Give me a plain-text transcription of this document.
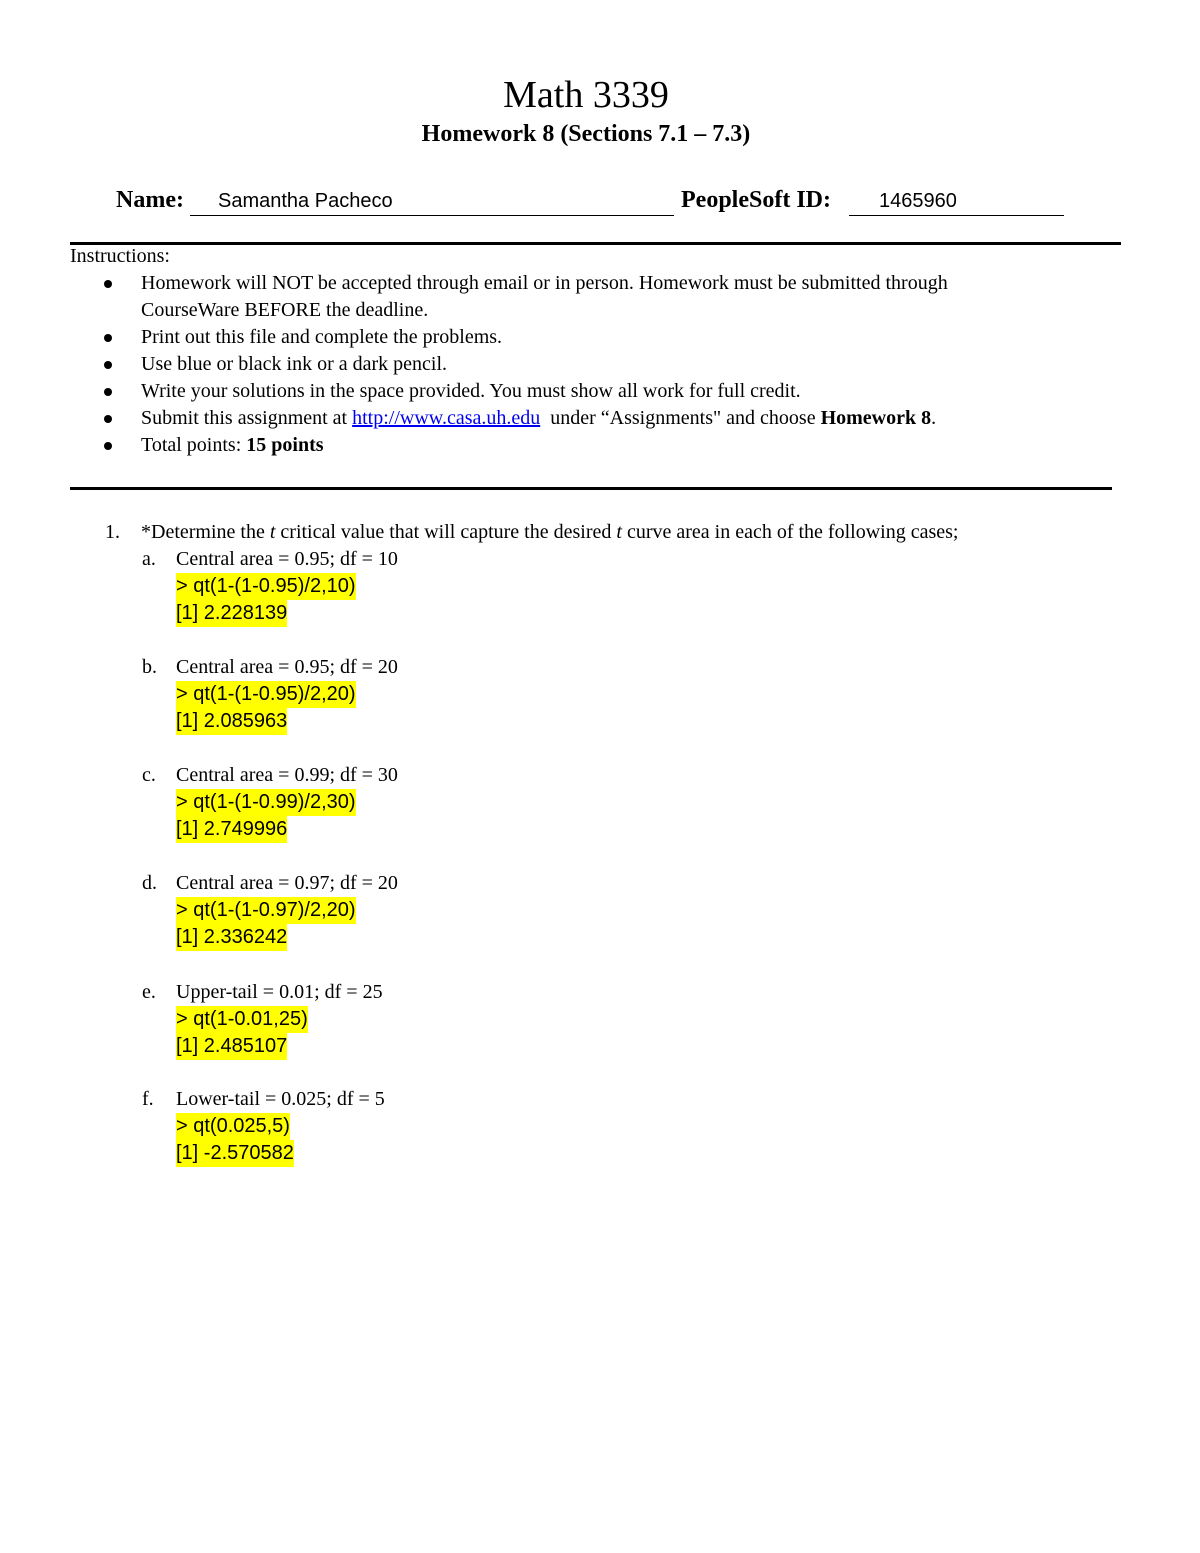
Math 3339
Homework 8 (Sections 7.1 – 7.3)
Name: Samantha Pacheco	PeopleSoft ID: 1465960
Instructions:
Homework will NOT be accepted through email or in person. Homework must be submitted through
CourseWare BEFORE the deadline.
Print out this file and complete the problems.
Use blue or black ink or a dark pencil.
Write your solutions in the space provided. You must show all work for full credit.
Submit this assignment at http://www.casa.uh.edu  under “Assignments" and choose Homework 8.
Total points: 15 points
1. *Determine the t critical value that will capture the desired t curve area in each of the following cases;
a. Central area = 0.95; df = 10
> qt(1-(1-0.95)/2,10)
[1] 2.228139
b. Central area = 0.95; df = 20
> qt(1-(1-0.95)/2,20)
[1] 2.085963
c. Central area = 0.99; df = 30
> qt(1-(1-0.99)/2,30)
[1] 2.749996
d. Central area = 0.97; df = 20
> qt(1-(1-0.97)/2,20)
[1] 2.336242
e. Upper-tail = 0.01; df = 25
> qt(1-0.01,25)
[1] 2.485107
f. Lower-tail = 0.025; df = 5
> qt(0.025,5)
[1] -2.570582
